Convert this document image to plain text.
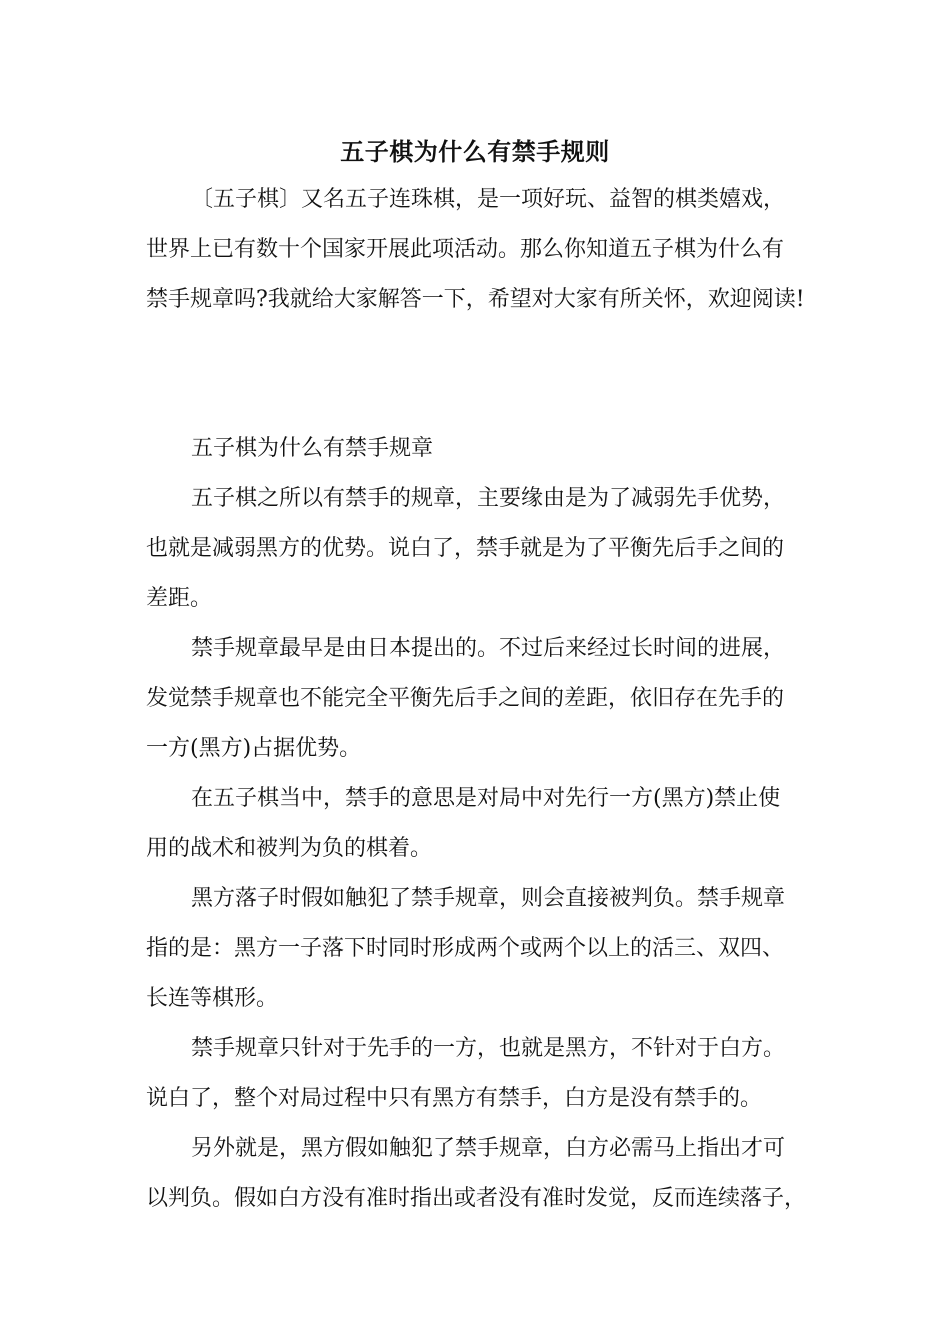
五子棋为什么有禁手规则
〔五子棋〕又名五子连珠棋，是一项好玩、益智的棋类嬉戏，
世界上已有数十个国家开展此项活动。那么你知道五子棋为什么有
禁手规章吗?我就给大家解答一下，希望对大家有所关怀，欢迎阅读!
五子棋为什么有禁手规章
五子棋之所以有禁手的规章，主要缘由是为了减弱先手优势，
也就是减弱黑方的优势。说白了，禁手就是为了平衡先后手之间的
差距。
禁手规章最早是由日本提出的。不过后来经过长时间的进展，
发觉禁手规章也不能完全平衡先后手之间的差距，依旧存在先手的
一方(黑方)占据优势。
在五子棋当中，禁手的意思是对局中对先行一方(黑方)禁止使
用的战术和被判为负的棋着。
黑方落子时假如触犯了禁手规章，则会直接被判负。禁手规章
指的是：黑方一子落下时同时形成两个或两个以上的活三、双四、
长连等棋形。
禁手规章只针对于先手的一方，也就是黑方，不针对于白方。
说白了，整个对局过程中只有黑方有禁手，白方是没有禁手的。
另外就是，黑方假如触犯了禁手规章，白方必需马上指出才可
以判负。假如白方没有准时指出或者没有准时发觉，反而连续落子，
